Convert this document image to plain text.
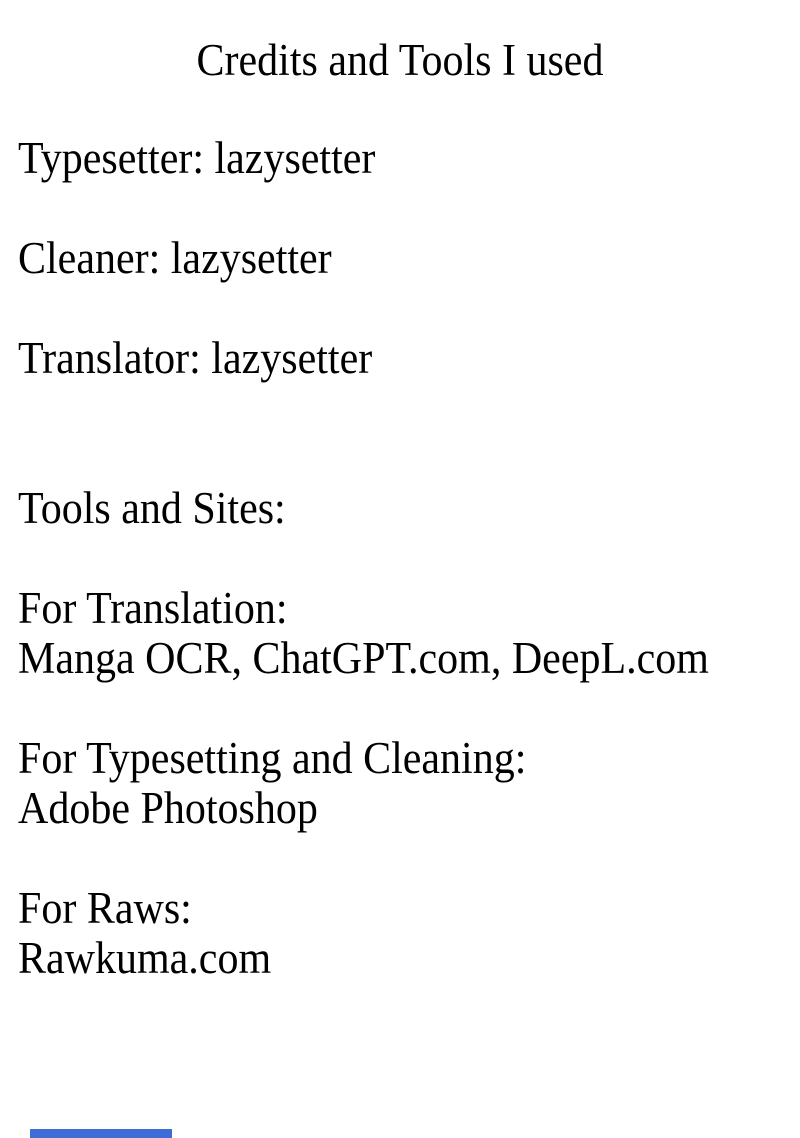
Credits and Tools I used
Typesetter: lazysetter
Cleaner: lazysetter
Translator: lazysetter
Tools and Sites:
For Translation:
Manga OCR, ChatGPT.com, DeepL.com
For Typesetting and Cleaning:
Adobe Photoshop
For Raws:
Rawkuma.com
